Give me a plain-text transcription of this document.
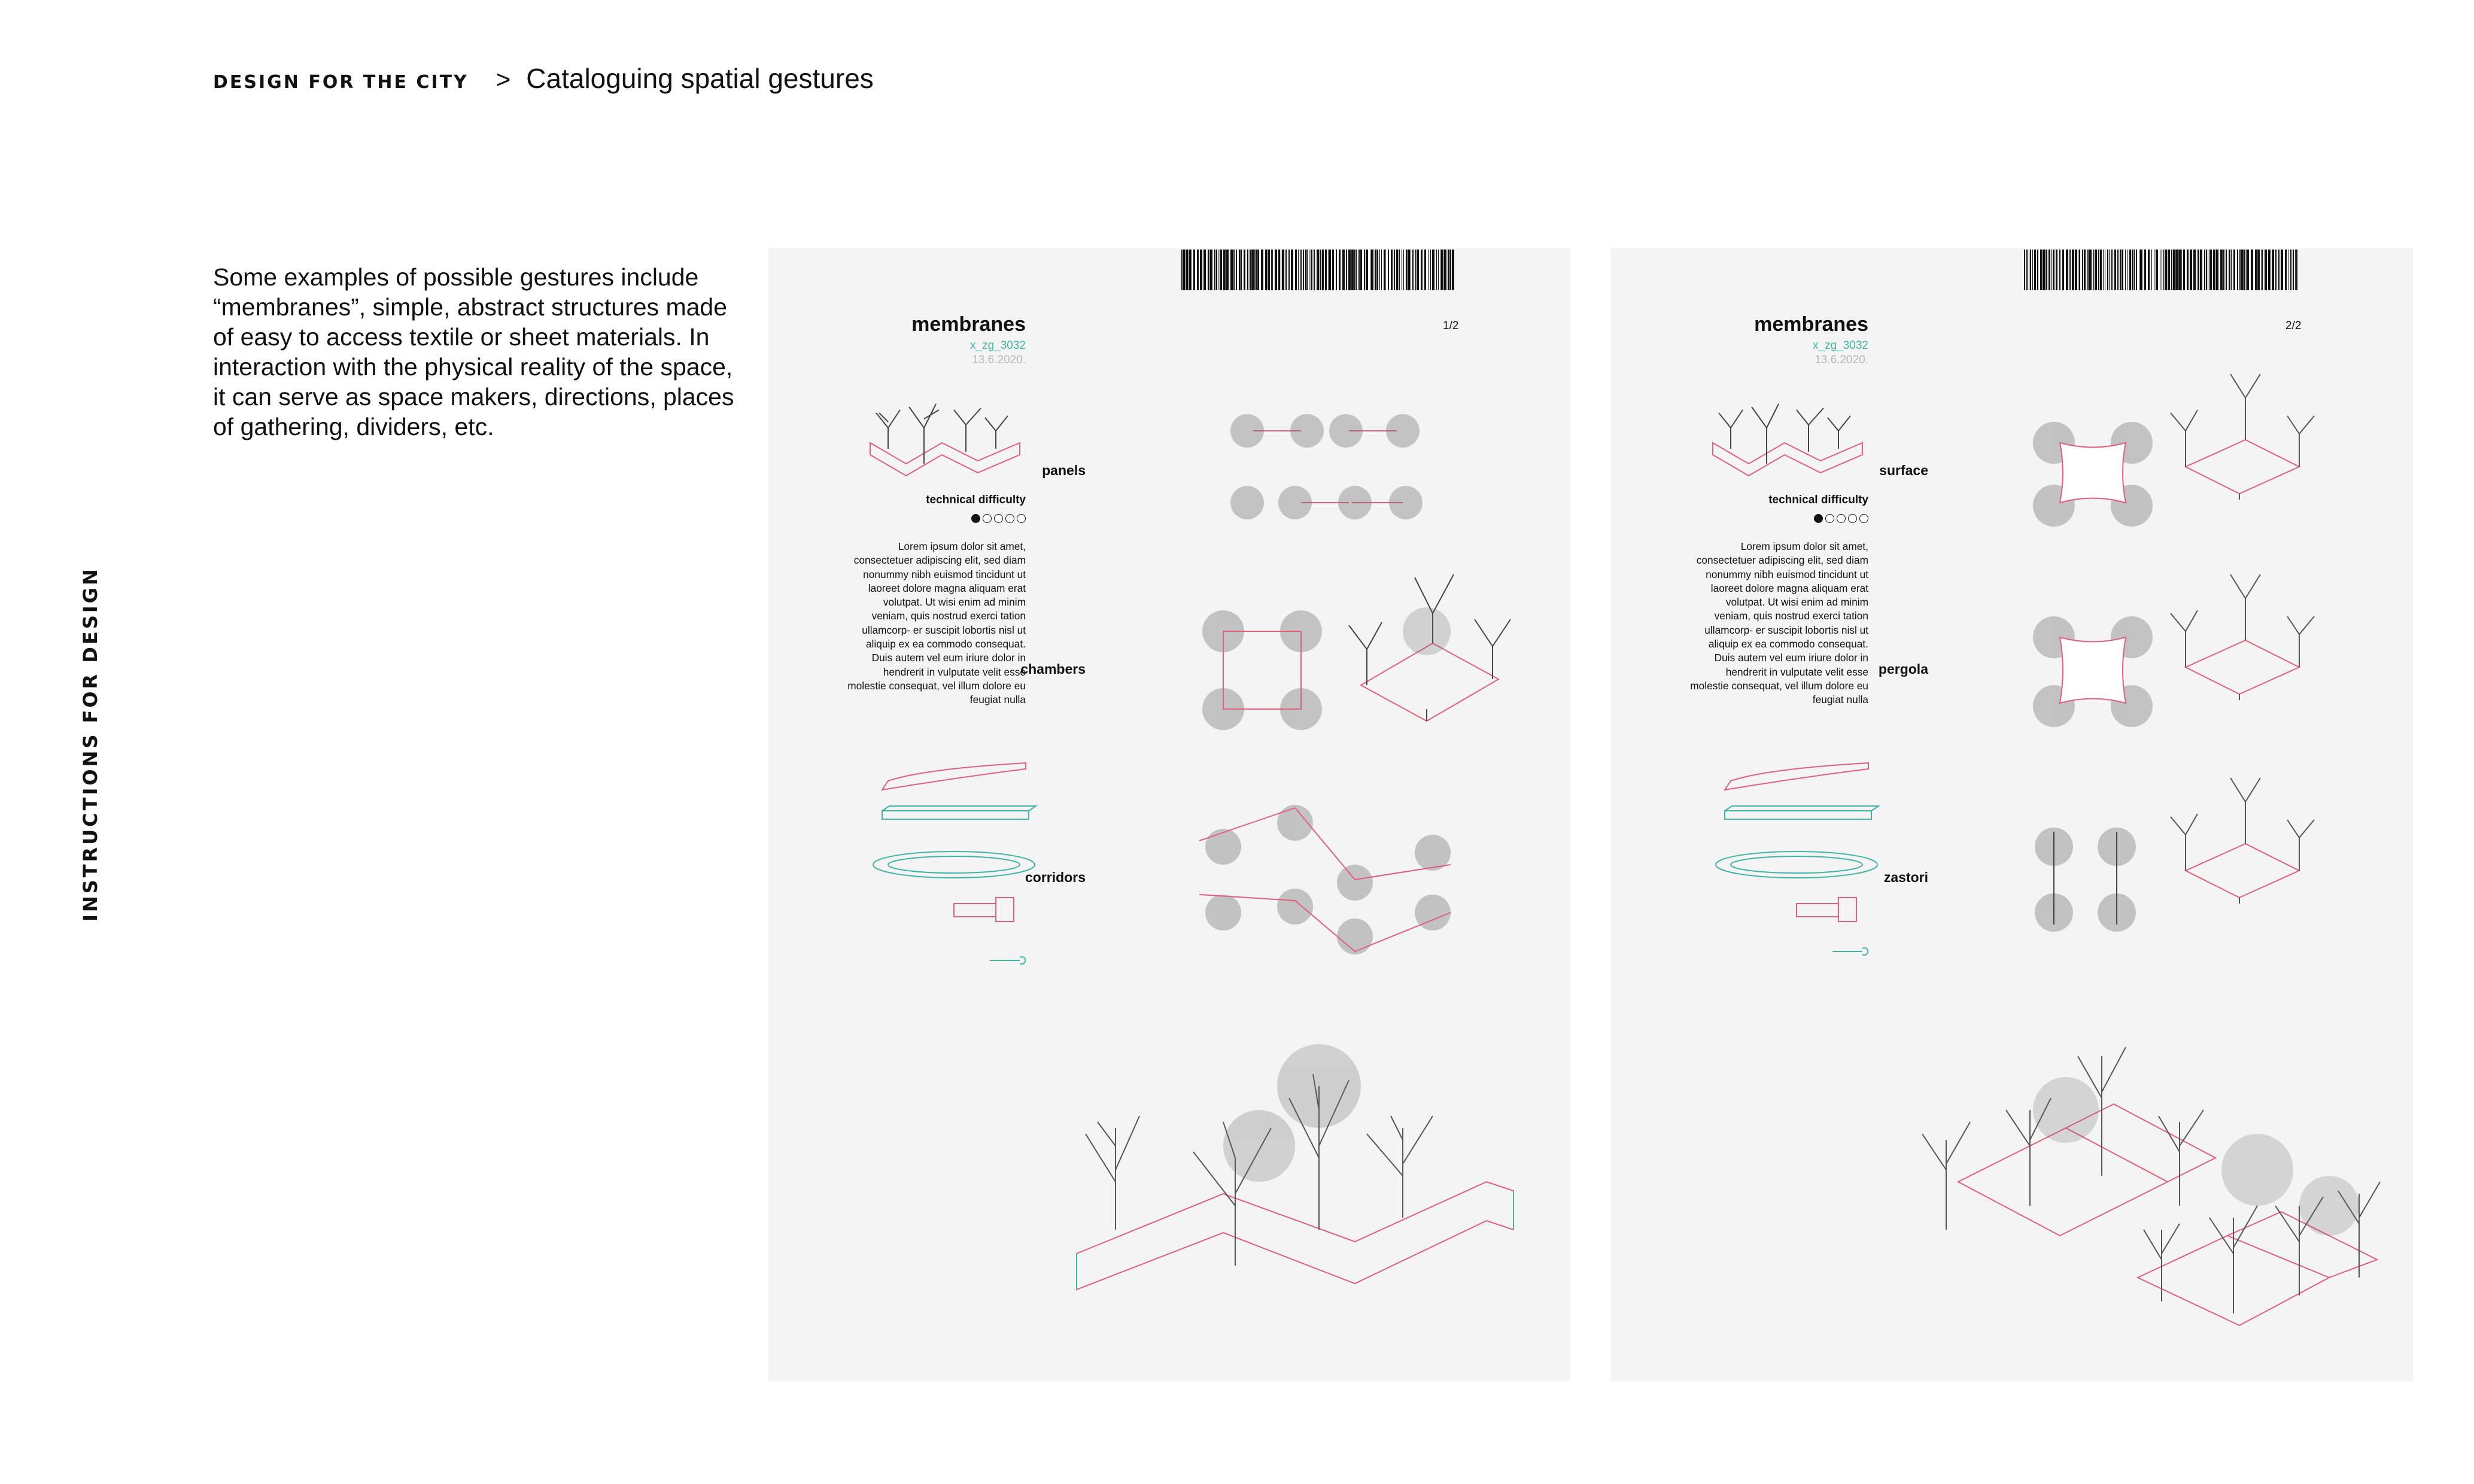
DESIGN FOR THE CITY > Cataloguing spatial gestures
INSTRUCTIONS FOR DESIGN

Some examples of possible gestures include “membranes”, simple, abstract structures made of easy to access textile or sheet materials. In interaction with the physical reality of the space, it can serve as space makers, directions, places of gathering, dividers, etc.

membranes
x_zg_3032
13.6.2020.
1/2
technical difficulty

Lorem ipsum dolor sit amet, consectetuer adipiscing elit, sed diam nonummy nibh euismod tincidunt ut laoreet dolore magna aliquam erat volutpat. Ut wisi enim ad minim veniam, quis nostrud exerci tation ullamcorp- er suscipit lobortis nisl ut aliquip ex ea commodo consequat. Duis autem vel eum iriure dolor in hendrerit in vulputate velit esse molestie consequat, vel illum dolore eu feugiat nulla

panels
chambers
corridors
membranes
x_zg_3032
13.6.2020.
2/2
technical difficulty

Lorem ipsum dolor sit amet, consectetuer adipiscing elit, sed diam nonummy nibh euismod tincidunt ut laoreet dolore magna aliquam erat volutpat. Ut wisi enim ad minim veniam, quis nostrud exerci tation ullamcorp- er suscipit lobortis nisl ut aliquip ex ea commodo consequat. Duis autem vel eum iriure dolor in hendrerit in vulputate velit esse molestie consequat, vel illum dolore eu feugiat nulla

surface
pergola
zastori
